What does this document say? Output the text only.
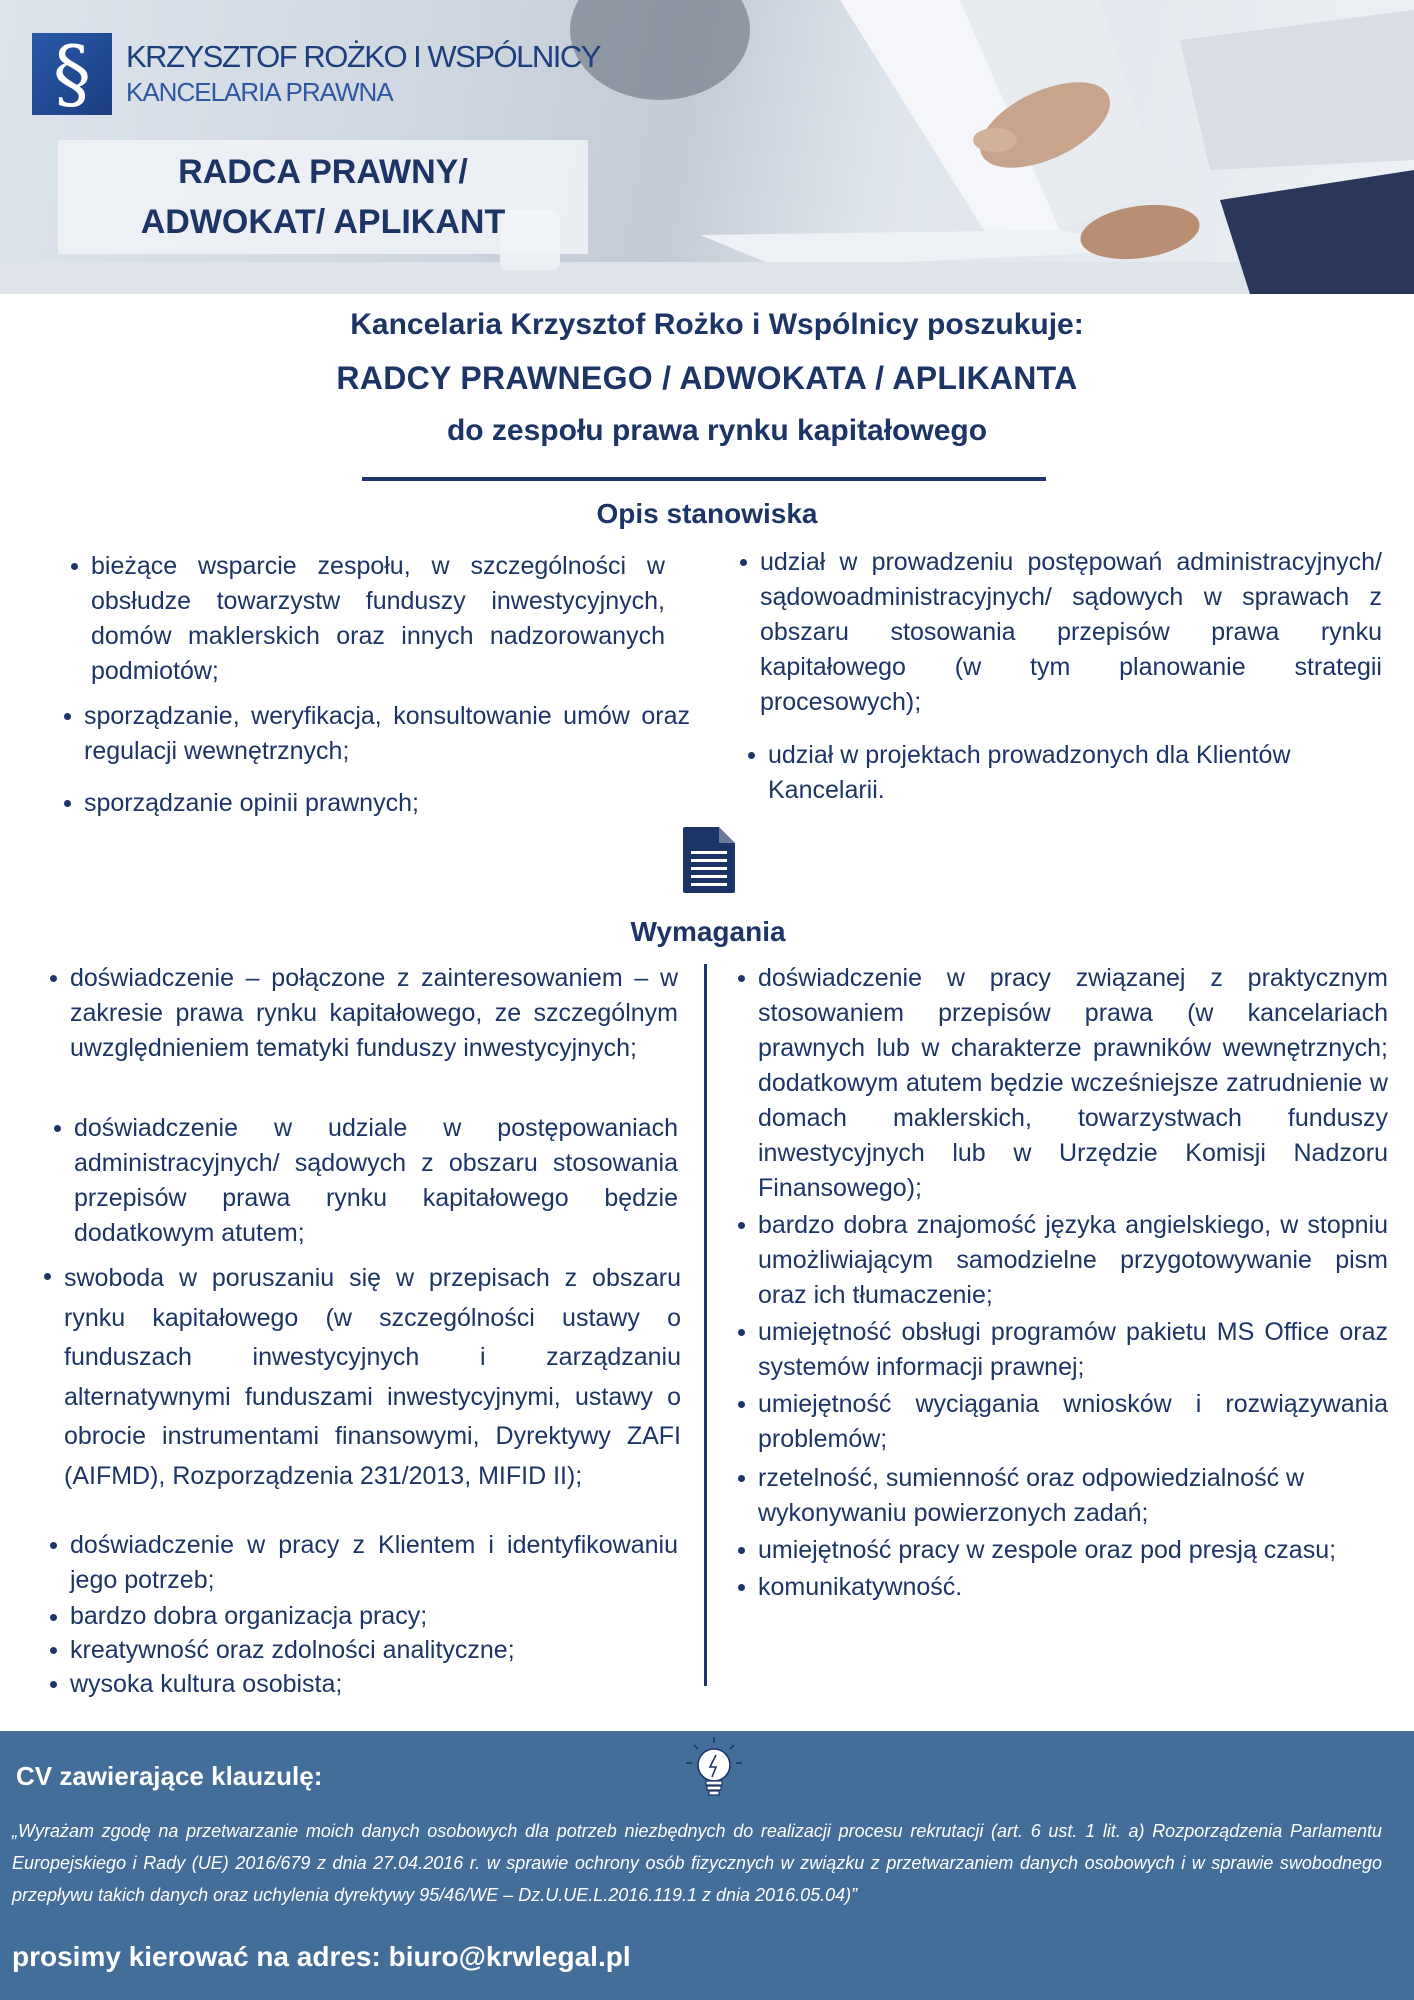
§	KRZYSZTOF ROŻKO I WSPÓLNICY
KANCELARIA PRAWNA
RADCA PRAWNY/ ADWOKAT/ APLIKANT
Kancelaria Krzysztof Rożko i Wspólnicy poszukuje:
RADCY PRAWNEGO / ADWOKATA / APLIKANTA
do zespołu prawa rynku kapitałowego
Opis stanowiska
bieżące wsparcie zespołu, w szczególności w obsłudze towarzystw funduszy inwestycyjnych, domów maklerskich oraz innych nadzorowanych podmiotów;
sporządzanie, weryfikacja, konsultowanie umów oraz regulacji wewnętrznych;
sporządzanie opinii prawnych;
udział w prowadzeniu postępowań administracyjnych/ sądowoadministracyjnych/ sądowych w sprawach z obszaru stosowania przepisów prawa rynku kapitałowego (w tym planowanie strategii procesowych);
udział w projektach prowadzonych dla Klientów Kancelarii.
Wymagania
doświadczenie – połączone z zainteresowaniem – w zakresie prawa rynku kapitałowego, ze szczególnym uwzględnieniem tematyki funduszy inwestycyjnych;
doświadczenie w udziale w postępowaniach administracyjnych/ sądowych z obszaru stosowania przepisów prawa rynku kapitałowego będzie dodatkowym atutem;
swoboda w poruszaniu się w przepisach z obszaru rynku kapitałowego (w szczególności ustawy o funduszach inwestycyjnych i zarządzaniu alternatywnymi funduszami inwestycyjnymi, ustawy o obrocie instrumentami finansowymi, Dyrektywy ZAFI (AIFMD), Rozporządzenia 231/2013, MIFID II);
doświadczenie w pracy z Klientem i identyfikowaniu jego potrzeb;
bardzo dobra organizacja pracy;
kreatywność oraz zdolności analityczne;
wysoka kultura osobista;
doświadczenie w pracy związanej z praktycznym stosowaniem przepisów prawa (w kancelariach prawnych lub w charakterze prawników wewnętrznych; dodatkowym atutem będzie wcześniejsze zatrudnienie w domach maklerskich, towarzystwach funduszy inwestycyjnych lub w Urzędzie Komisji Nadzoru Finansowego);
bardzo dobra znajomość języka angielskiego, w stopniu umożliwiającym samodzielne przygotowywanie pism oraz ich tłumaczenie;
umiejętność obsługi programów pakietu MS Office oraz systemów informacji prawnej;
umiejętność wyciągania wniosków i rozwiązywania problemów;
rzetelność, sumienność oraz odpowiedzialność w wykonywaniu powierzonych zadań;
umiejętność pracy w zespole oraz pod presją czasu;
komunikatywność.
CV zawierające klauzulę:
„Wyrażam zgodę na przetwarzanie moich danych osobowych dla potrzeb niezbędnych do realizacji procesu rekrutacji (art. 6 ust. 1 lit. a) Rozporządzenia Parlamentu Europejskiego i Rady (UE) 2016/679 z dnia 27.04.2016 r. w sprawie ochrony osób fizycznych w związku z przetwarzaniem danych osobowych i w sprawie swobodnego przepływu takich danych oraz uchylenia dyrektywy 95/46/WE – Dz.U.UE.L.2016.119.1 z dnia 2016.05.04)”
prosimy kierować na adres: biuro@krwlegal.pl
